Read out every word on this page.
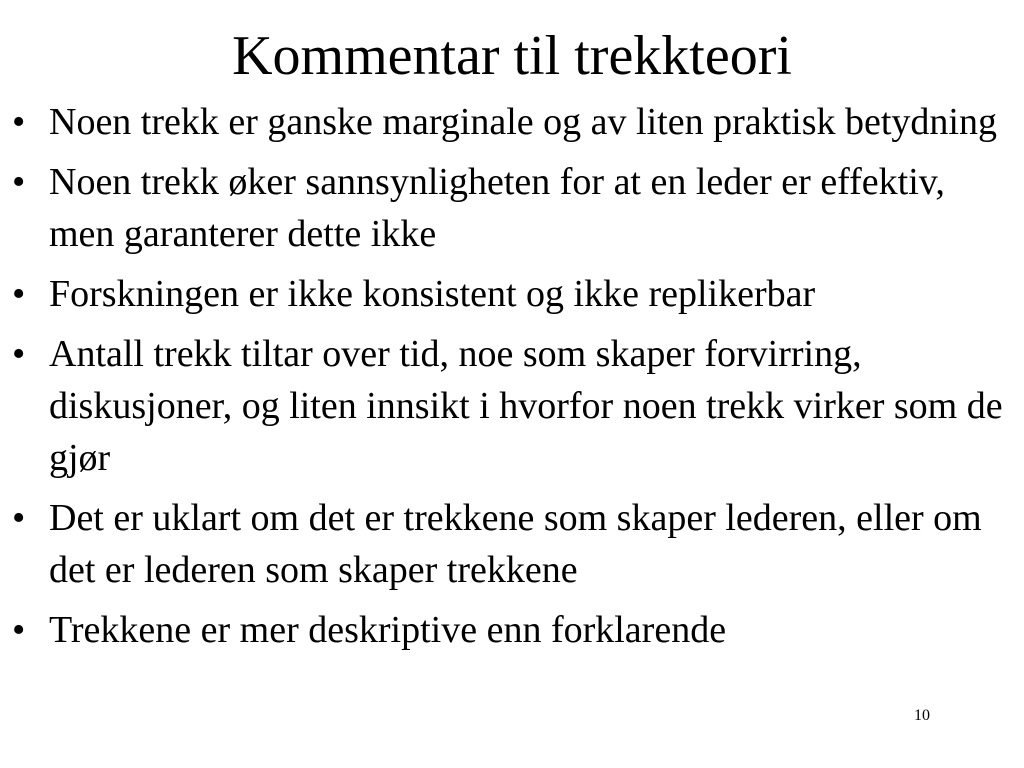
Kommentar til trekkteori
• Noen trekk er ganske marginale og av liten praktisk betydning
• Noen trekk øker sannsynligheten for at en leder er effektiv, men garanterer dette ikke
• Forskningen er ikke konsistent og ikke replikerbar
• Antall trekk tiltar over tid, noe som skaper forvirring, diskusjoner, og liten innsikt i hvorfor noen trekk virker som de gjør
• Det er uklart om det er trekkene som skaper lederen, eller om det er lederen som skaper trekkene
• Trekkene er mer deskriptive enn forklarende
10
